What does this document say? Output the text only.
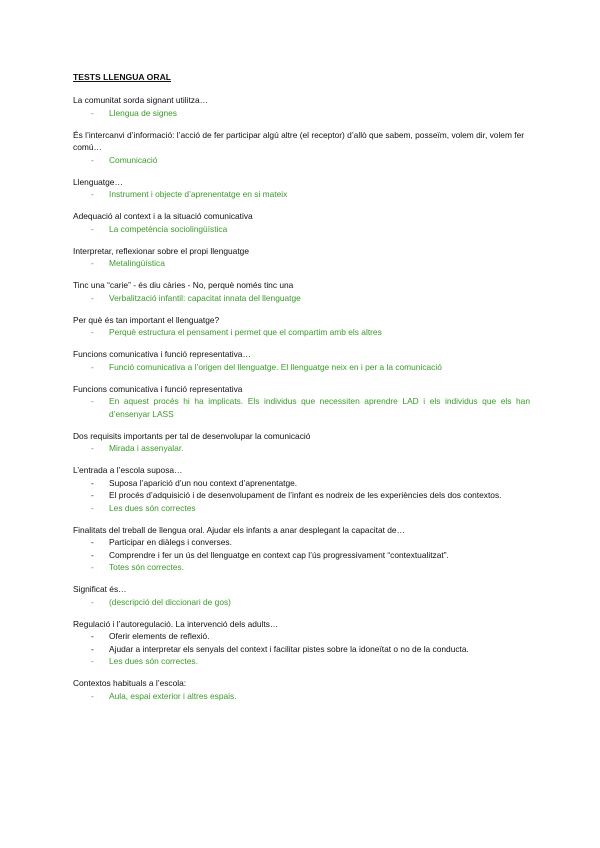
TESTS LLENGUA ORAL
La comunitat sorda signant utilitza…
- Llengua de signes
És l’intercanvi d’informació: l’acció de fer participar algú altre (el receptor) d’allò que sabem, posseïm, volem dir, volem fer comú…
- Comunicació
Llenguatge…
- Instrument i objecte d’aprenentatge en si mateix
Adequació al context i a la situació comunicativa
- La competència sociolingüística
Interpretar, reflexionar sobre el propi llenguatge
- Metalingüística
Tinc una “carie” - és diu càries - No, perquè només tinc una
- Verbalització infantil: capacitat innata del llenguatge
Per què és tan important el llenguatge?
- Perquè estructura el pensament i permet que el compartim amb els altres
Funcions comunicativa i funció representativa…
- Funció comunicativa a l’origen del llenguatge. El llenguatge neix en i per a la comunicació
Funcions comunicativa i funció representativa
- En aquest procés hi ha implicats. Els individus que necessiten aprendre LAD i els individus que els han d’ensenyar LASS
Dos requisits importants per tal de desenvolupar la comunicació
- Mirada i assenyalar.
L’entrada a l’escola suposa…
- Suposa l’aparició d’un nou context d’aprenentatge.
- El procés d’adquisició i de desenvolupament de l’infant es nodreix de les experiències dels dos contextos.
- Les dues són correctes
Finalitats del treball de llengua oral. Ajudar els infants a anar desplegant la capacitat de…
- Participar en diàlegs i converses.
- Comprendre i fer un ús del llenguatge en context cap l’ús progressivament “contextualitzat”.
- Totes són correctes.
Significat és…
- (descripció del diccionari de gos)
Regulació i l’autoregulació. La intervenció dels adults…
- Oferir elements de reflexió.
- Ajudar a interpretar els senyals del context i facilitar pistes sobre la idoneïtat o no de la conducta.
- Les dues són correctes.
Contextos habituals a l’escola:
- Aula, espai exterior i altres espais.
